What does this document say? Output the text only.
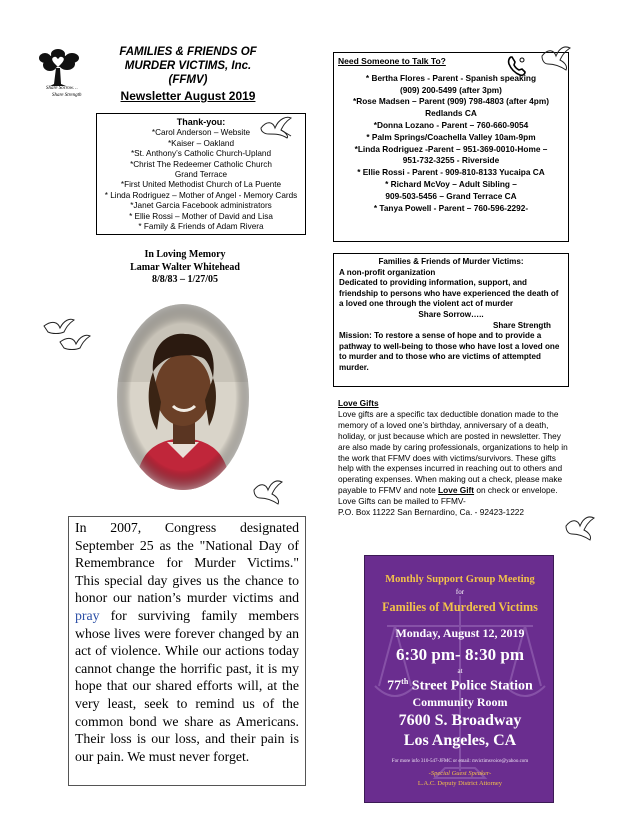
Share Sorrow…
Share Strength
FAMILIES & FRIENDS OF
MURDER VICTIMS, Inc.
(FFMV)
Newsletter August 2019
Thank-you:
*Carol Anderson – Website
*Kaiser – Oakland
*St. Anthony’s Catholic Church-Upland
*Christ The Redeemer Catholic Church
Grand Terrace
*First United Methodist Church of La Puente
* Linda Rodriguez – Mother of Angel - Memory Cards
*Janet Garcia Facebook administrators
* Ellie Rossi – Mother of David and Lisa
* Family & Friends of Adam Rivera
In Loving Memory
Lamar Walter Whitehead
8/8/83 – 1/27/05
In 2007, Congress designated September 25 as the "National Day of Remembrance for Murder Victims." This special day gives us the chance to honor our nation’s murder victims and pray for surviving family members whose lives were forever changed by an act of violence. While our actions today cannot change the horrific past, it is my hope that our shared efforts will, at the very least, seek to remind us of the common bond we share as Americans. Their loss is our loss, and their pain is our pain. We must never forget.
Need Someone to Talk To?
* Bertha Flores - Parent - Spanish speaking
(909) 200-5499 (after 3pm)
*Rose Madsen – Parent (909) 798-4803 (after 4pm)
Redlands CA
*Donna Lozano - Parent – 760-660-9054
* Palm Springs/Coachella Valley 10am-9pm
*Linda Rodriguez -Parent – 951-369-0010-Home –
951-732-3255 - Riverside
* Ellie Rossi - Parent - 909-810-8133 Yucaipa CA
* Richard McVoy – Adult Sibling –
909-503-5456 – Grand Terrace CA
* Tanya Powell - Parent – 760-596-2292-
Families & Friends of Murder Victims:
A non-profit organization
Dedicated to providing information, support, and friendship to persons who have experienced the death of a loved one through the violent act of murder
Share Sorrow…..
Share Strength
Mission: To restore a sense of hope and to provide a pathway to well-being to those who have lost a loved one to murder and to those who are victims of attempted murder.
Love Gifts
Love gifts are a specific tax deductible donation made to the memory of a loved one’s birthday, anniversary of a death, holiday, or just because which are posted in newsletter. They are also made by caring professionals, organizations to help in the work that FFMV does with victims/survivors. These gifts help with the expenses incurred in reaching out to others and operating expenses. When making out a check, please make payable to FFMV and note Love Gift on check or envelope.
Love Gifts can be mailed to FFMV-
P.O. Box 11222 San Bernardino, Ca. - 92423-1222
Monthly Support Group Meeting
for
Families of Murdered Victims
Monday, August 12, 2019
6:30 pm- 8:30 pm
at
77th Street Police Station
Community Room
7600 S. Broadway
Los Angeles, CA
For more info 310-547-JFMC or email: mvictimsvoice@yahoo.com
-Special Guest Speaker-
L.A.C. Deputy District Attorney
